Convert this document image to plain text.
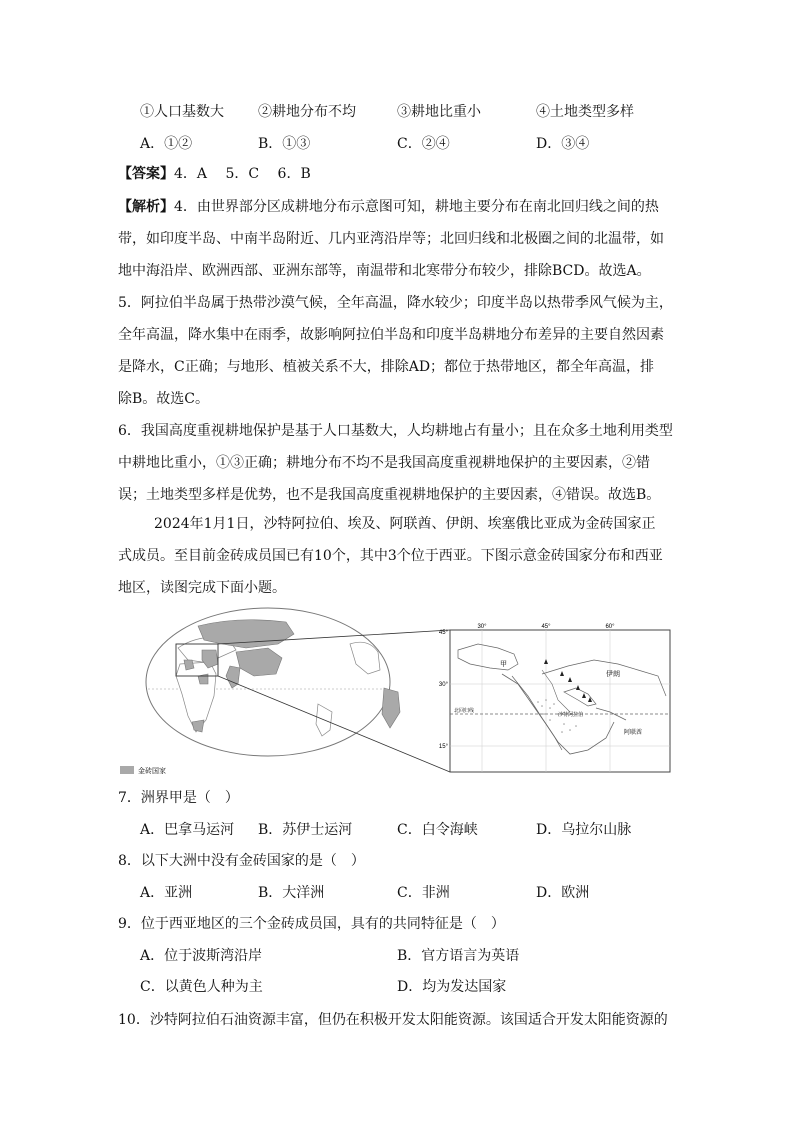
①人口基数大 ②耕地分布不均	③耕地比重小	④土地类型多样
A．①②	B．①③	C．②④	D．③④
【答案】4．A　 5．C　 6．B
【解析】4．由世界部分区成耕地分布示意图可知，耕地主要分布在南北回归线之间的热
带，如印度半岛、中南半岛附近、几内亚湾沿岸等；北回归线和北极圈之间的北温带，如
地中海沿岸、欧洲西部、亚洲东部等，南温带和北寒带分布较少，排除BCD。故选A。
5．阿拉伯半岛属于热带沙漠气候，全年高温，降水较少；印度半岛以热带季风气候为主，
全年高温，降水集中在雨季，故影响阿拉伯半岛和印度半岛耕地分布差异的主要自然因素
是降水，C正确；与地形、植被关系不大，排除AD；都位于热带地区，都全年高温，排
除B。故选C。
6．我国高度重视耕地保护是基于人口基数大，人均耕地占有量小；且在众多土地利用类型
中耕地比重小，①③正确；耕地分布不均不是我国高度重视耕地保护的主要因素，②错
误；土地类型多样是优势，也不是我国高度重视耕地保护的主要因素，④错误。故选B。
2024年1月1日，沙特阿拉伯、埃及、阿联酋、伊朗、埃塞俄比亚成为金砖国家正
式成员。至目前金砖成员国已有10个，其中3个位于西亚。下图示意金砖国家分布和西亚
地区，读图完成下面小题。
金砖国家
30°	45°	60°
45°
30°
15°
甲
伊朗
阿联酋
沙特阿拉伯
北回归线
7．洲界甲是（　）
A．巴拿马运河 B．苏伊士运河	C．白令海峡	D．乌拉尔山脉
8．以下大洲中没有金砖国家的是（　）
A．亚洲	B．大洋洲	C．非洲	D．欧洲
9．位于西亚地区的三个金砖成员国，具有的共同特征是（　）
A．位于波斯湾沿岸	B．官方语言为英语
C．以黄色人种为主	D．均为发达国家
10．沙特阿拉伯石油资源丰富，但仍在积极开发太阳能资源。该国适合开发太阳能资源的
